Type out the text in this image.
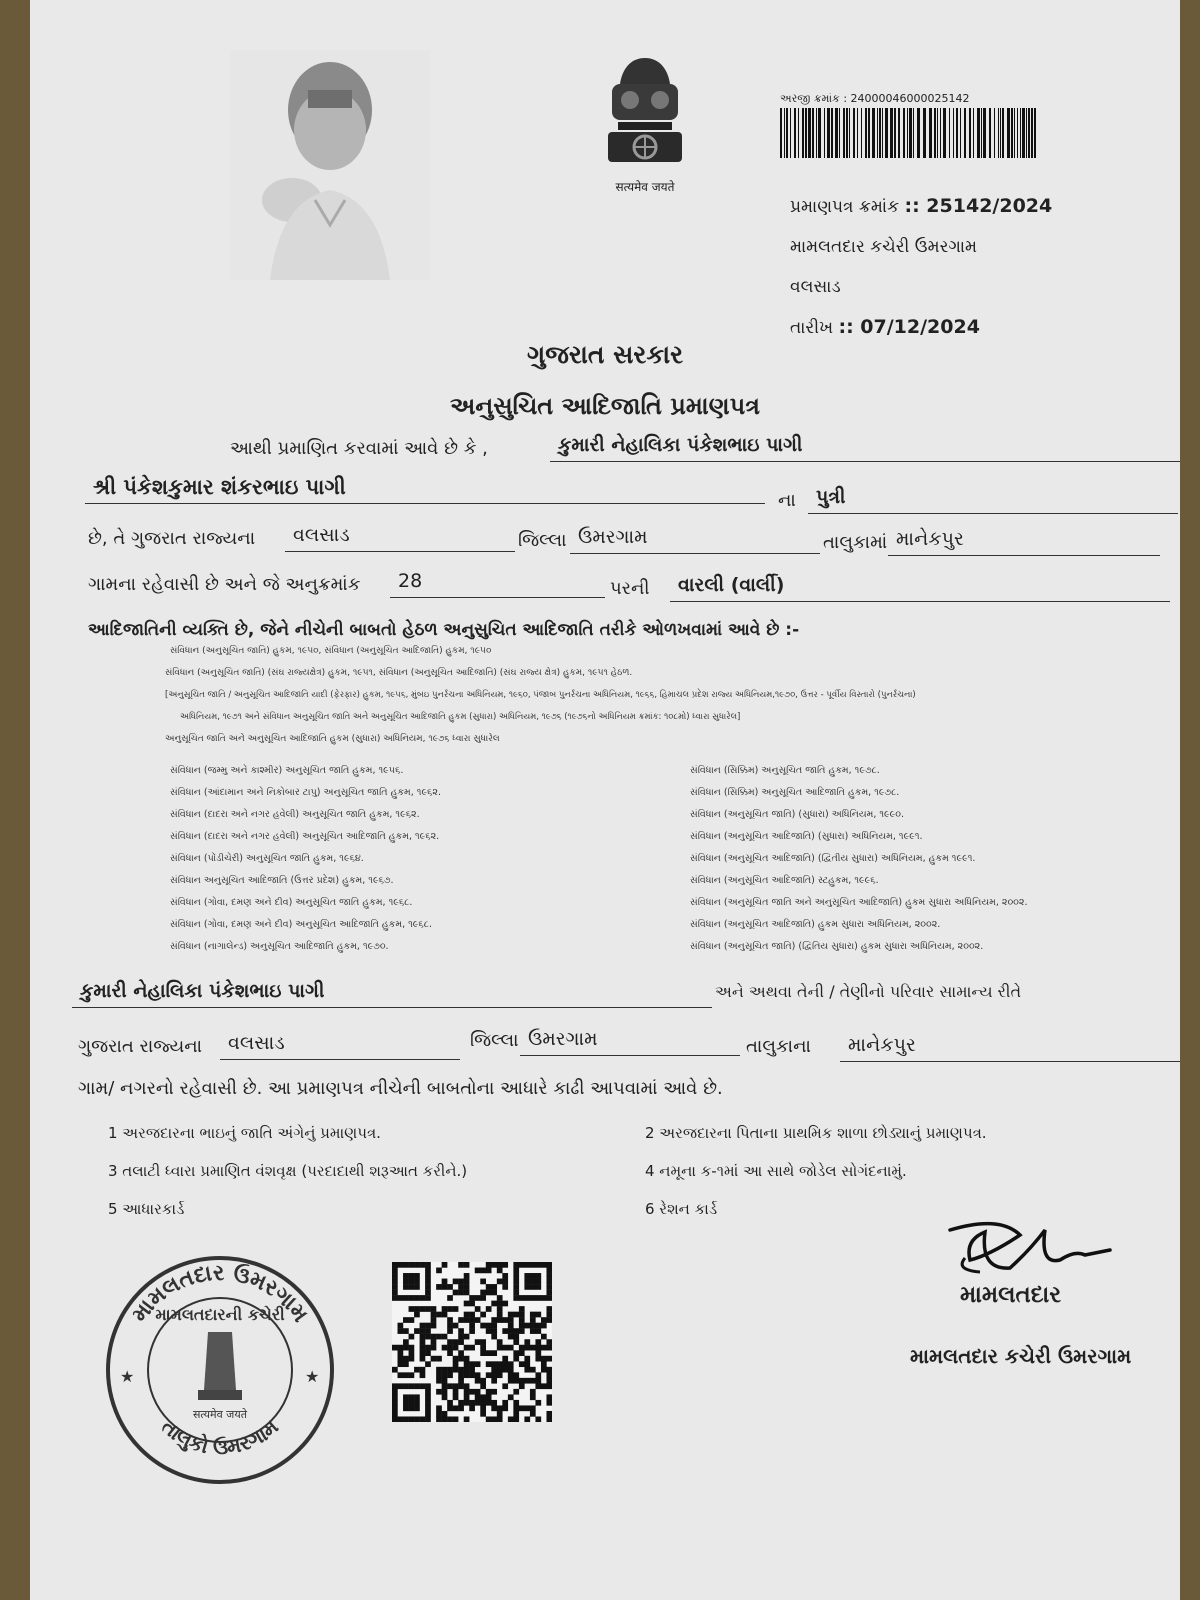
सत्यमेव जयते
અરજી ક્રમાંક : 24000046000025142
પ્રમાણપત્ર ક્રમાંક :: 25142/2024
મામલતદાર કચેરી ઉમરગામ
વલસાડ
તારીખ :: 07/12/2024
ગુજરાત સરકાર
અનુસુચિત આદિજાતિ પ્રમાણપત્ર
આથી પ્રમાણિત કરવામાં આવે છે કે ,	કુમારી નેહાલિકા પંકેશભાઇ પાગી
શ્રી પંકેશકુમાર શંકરભાઇ પાગી
ના	પુત્રી
છે, તે ગુજરાત રાજ્યના	વલસાડ	જિલ્લા ઉમરગામ	તાલુકામાં માનેકપુર
ગામના રહેવાસી છે અને જે અનુક્રમાંક	28	પરની	વારલી (વાર્લી)
આદિજાતિની વ્યક્તિ છે, જેને નીચેની બાબતો હેઠળ અનુસુચિત આદિજાતિ તરીકે ઓળખવામાં આવે છે :-
સંવિધાન (અનુસૂચિત જાતિ) હુકમ, ૧૯૫૦, સંવિધાન (અનુસૂચિત આદિજાતિ) હુકમ, ૧૯૫૦
સંવિધાન (અનુસૂચિત જાતિ) (સંઘ રાજ્યક્ષેત્ર) હુકમ, ૧૯૫૧, સંવિધાન (અનુસૂચિત આદિજાતિ) (સંઘ રાજ્ય ક્ષેત્ર) હુકમ, ૧૯૫૧ હેઠળ.
[અનુસૂચિત જાતિ / અનુસૂચિત આદિજાતિ યાદી (ફેરફાર) હુકમ, ૧૯૫૬, મુંબઇ પુનર્રચના અધિનિયમ, ૧૯૬૦, પંજાબ પુનર્રચના અધિનિયમ, ૧૯૬૬, હિમાચલ પ્રદેશ રાજ્ય અધિનિયમ,૧૯૭૦, ઉત્તર - પૂર્વીય વિસ્તારો (પુનર્રચના)
અધિનિયમ, ૧૯૭૧ અને સંવિધાન અનુસૂચિત જાતિ અને અનુસૂચિત આદિજાતિ હુકમ (સુધારા) અધિનિયમ, ૧૯૭૬ (૧૯૭૬નો અધિનિયમ ક્રમાંક: ૧૦૮મો) ધ્વારા સુધારેલ]
અનુસૂચિત જાતિ અને અનુસૂચિત આદિજાતિ હુકમ (સુધારા) અધિનિયમ, ૧૯૭૬ ધ્વારા સુધારેલ
સંવિધાન (જમ્મુ અને કાશ્મીર) અનુસૂચિત જાતિ હુકમ, ૧૯૫૬.
સંવિધાન (આંદામાન અને નિકોબાર ટાપુ) અનુસૂચિત જાતિ હુકમ, ૧૯૬૨.
સંવિધાન (દાદરા અને નગર હવેલી) અનુસૂચિત જાતિ હુકમ, ૧૯૬૨.
સંવિધાન (દાદરા અને નગર હવેલી) અનુસૂચિત આદિજાતિ હુકમ, ૧૯૬૨.
સંવિધાન (પોંડીચેરી) અનુસૂચિત જાતિ હુકમ, ૧૯૬૪.
સંવિધાન અનુસૂચિત આદિજાતિ (ઉત્તર પ્રદેશ) હુકમ, ૧૯૬૭.
સંવિધાન (ગોવા, દમણ અને દીવ) અનુસૂચિત જાતિ હુકમ, ૧૯૬૮.
સંવિધાન (ગોવા, દમણ અને દીવ) અનુસૂચિત આદિજાતિ હુકમ, ૧૯૬૮.
સંવિધાન (નાગાલેન્ડ) અનુસૂચિત આદિજાતિ હુકમ, ૧૯૭૦.
સંવિધાન (સિક્કિમ) અનુસૂચિત જાતિ હુકમ, ૧૯૭૮.
સંવિધાન (સિક્કિમ) અનુસૂચિત આદિજાતિ હુકમ, ૧૯૭૮.
સંવિધાન (અનુસૂચિત જાતિ) (સુધારા) અધિનિયમ, ૧૯૯૦.
સંવિધાન (અનુસૂચિત આદિજાતિ) (સુધારા) અધિનિયમ, ૧૯૯૧.
સંવિધાન (અનુસૂચિત આદિજાતિ) (દ્વિતીય સુધારા) અધિનિયમ, હુકમ ૧૯૯૧.
સંવિધાન (અનુસૂચિત આદિજાતિ) સ્ટહુકમ, ૧૯૯૬.
સંવિધાન (અનુસૂચિત જાતિ અને અનુસૂચિત આદિજાતિ) હુકમ સુધારા અધિનિયમ, ૨૦૦૨.
સંવિધાન (અનુસૂચિત આદિજાતિ) હુકમ સુધારા અધિનિયમ, ૨૦૦૨.
સંવિધાન (અનુસૂચિત જાતિ) (દ્વિતિય સુધારા) હુકમ સુધારા અધિનિયમ, ૨૦૦૨.
કુમારી નેહાલિકા પંકેશભાઇ પાગી	અને અથવા તેની / તેણીનો પરિવાર સામાન્ય રીતે
ગુજરાત રાજ્યના	વલસાડ	જિલ્લા ઉમરગામ	તાલુકાના	માનેકપુર
ગામ/ નગરનો રહેવાસી છે. આ પ્રમાણપત્ર નીચેની બાબતોના આધારે કાઢી આપવામાં આવે છે.
1 અરજદારના ભાઇનું જાતિ અંગેનું પ્રમાણપત્ર.
3 તલાટી ધ્વારા પ્રમાણિત વંશવૃક્ષ (પરદાદાથી શરૂઆત કરીને.)
5 આધારકાર્ડ
2 અરજદારના પિતાના પ્રાથમિક શાળા છોડ્યાનું પ્રમાણપત્ર.
4 નમૂના ક-૧માં આ સાથે જોડેલ સોગંદનામું.
6 રેશન કાર્ડ
મામલતદાર ઉમરગામ
તાલુકો ઉમરગામ
મામલતદારની કચેરી
सत्यमेव जयते
★	★
મામલતદાર
મામલતદાર કચેરી ઉમરગામ
